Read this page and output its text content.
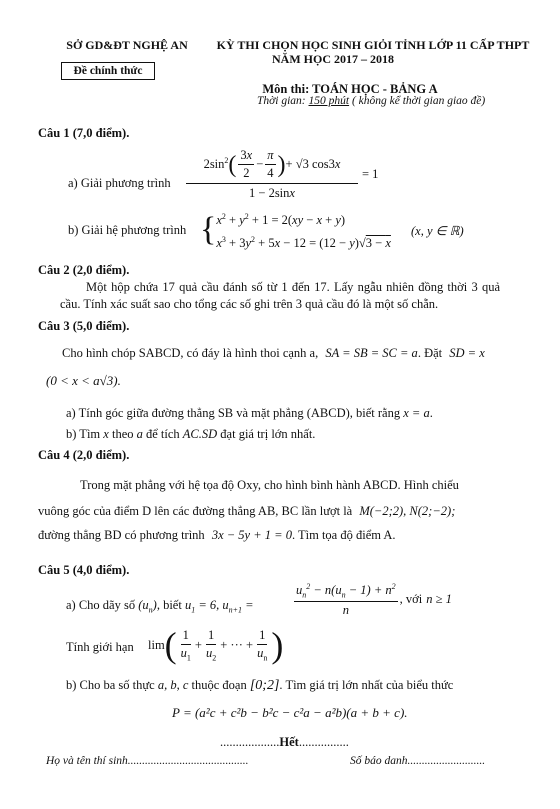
SỞ GD&ĐT NGHỆ AN
Đề chính thức
KỲ THI CHỌN HỌC SINH GIỎI TỈNH LỚP 11 CẤP THPT
NĂM HỌC 2017 – 2018
Môn thi: TOÁN HỌC - BẢNG A
Thời gian: 150 phút ( không kể thời gian giao đề)
Câu 1 (7,0 điểm).
a) Giải phương trình
$2\sin^2$ ( $\frac{3x}{2} - \frac{\pi}{4}$ ) + √3 cos3x
1 − 2sinx
= 1
b) Giải hệ phương trình { $x^2 + y^2 + 1 = 2(xy - x + y)$
$x^3 + 3y^2 + 5x - 12 = (12 - y)√3 - x$
(x, y ∈ ℝ)
Câu 2 (2,0 điểm).
Một hộp chứa 17 quả cầu đánh số từ 1 đến 17. Lấy ngẫu nhiên đồng thời 3 quả cầu. Tính xác suất sao cho tổng các số ghi trên 3 quả cầu đó là một số chẵn.
Câu 3 (5,0 điểm).
Cho hình chóp SABCD, có đáy là hình thoi cạnh a, SA = SB = SC = a. Đặt SD = x
(0 < x < a√3).
a) Tính góc giữa đường thẳng SB và mặt phẳng (ABCD), biết rằng x = a.
b) Tìm x theo a để tích AC.SD đạt giá trị lớn nhất.
Câu 4 (2,0 điểm).
Trong mặt phẳng với hệ tọa độ Oxy, cho hình bình hành ABCD. Hình chiếu
vuông góc của điểm D lên các đường thẳng AB, BC lần lượt là M(−2;2), N(2;−2);
đường thẳng BD có phương trình 3x − 5y + 1 = 0. Tìm tọa độ điểm A.
Câu 5 (4,0 điểm).
a) Cho dãy số $(u_n)$, biết $u_1 = 6$, $u_{n+1}$ =	$\frac{u_n^2 - n(u_n - 1) + n^2}{n}$ , với n ≥ 1
Tính giới hạn lim ( $\frac{1}{u_1} + \frac{1}{u_2}$ + ··· + $\frac{1}{u_n}$ )
b) Cho ba số thực a, b, c thuộc đoạn [0;2]. Tìm giá trị lớn nhất của biểu thức
P = (a²c + c²b − b²c − c²a − a²b)(a + b + c).
...................Hết................
Họ và tên thí sinh..........................................	Số báo danh...........................
